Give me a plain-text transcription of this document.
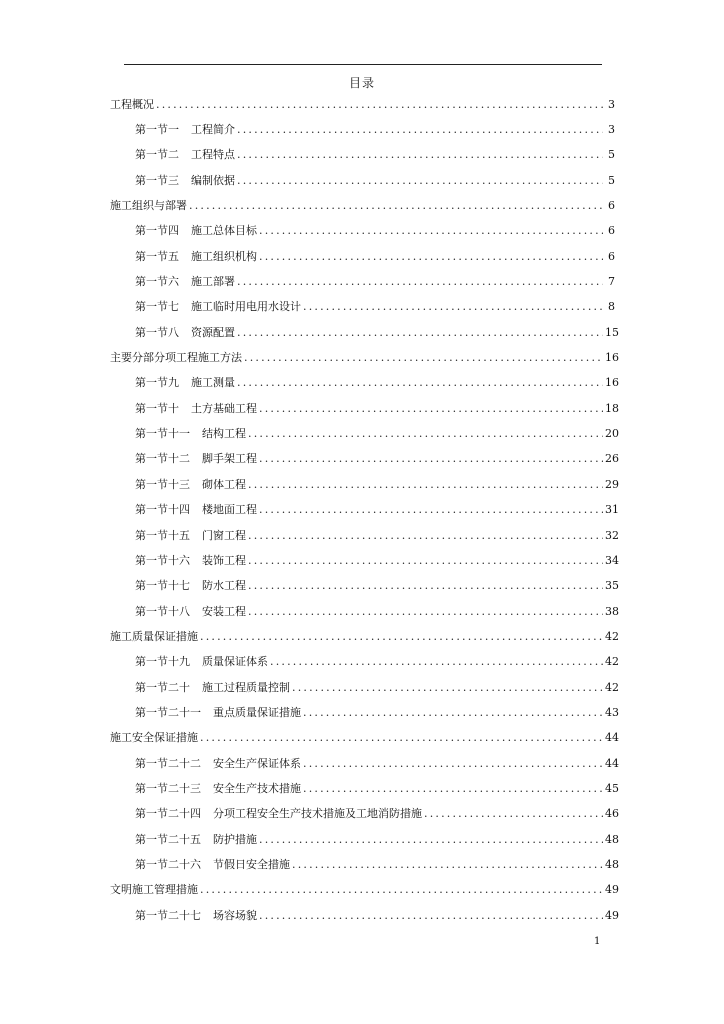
目录
工程概况 .....	3
第一节一 工程简介 .....	3
第一节二 工程特点 .....	5
第一节三 编制依据 .....	5
施工组织与部署 .....	6
第一节四 施工总体目标 .....	6
第一节五 施工组织机构 .....	6
第一节六 施工部署 .....	7
第一节七 施工临时用电用水设计 .....	8
第一节八 资源配置 .....	15
主要分部分项工程施工方法 .....	16
第一节九 施工测量 .....	16
第一节十 土方基础工程 .....	18
第一节十一 结构工程 .....	20
第一节十二 脚手架工程 .....	26
第一节十三 砌体工程 .....	29
第一节十四 楼地面工程 .....	31
第一节十五 门窗工程 .....	32
第一节十六 装饰工程 .....	34
第一节十七 防水工程 .....	35
第一节十八 安装工程 .....	38
施工质量保证措施 .....	42
第一节十九 质量保证体系 .....	42
第一节二十 施工过程质量控制 .....	42
第一节二十一 重点质量保证措施 .....	43
施工安全保证措施 .....	44
第一节二十二 安全生产保证体系 .....	44
第一节二十三 安全生产技术措施 .....	45
第一节二十四 分项工程安全生产技术措施及工地消防措施 .....	46
第一节二十五 防护措施 .....	48
第一节二十六 节假日安全措施 .....	48
文明施工管理措施 .....	49
第一节二十七 场容场貌 .....	49
1
